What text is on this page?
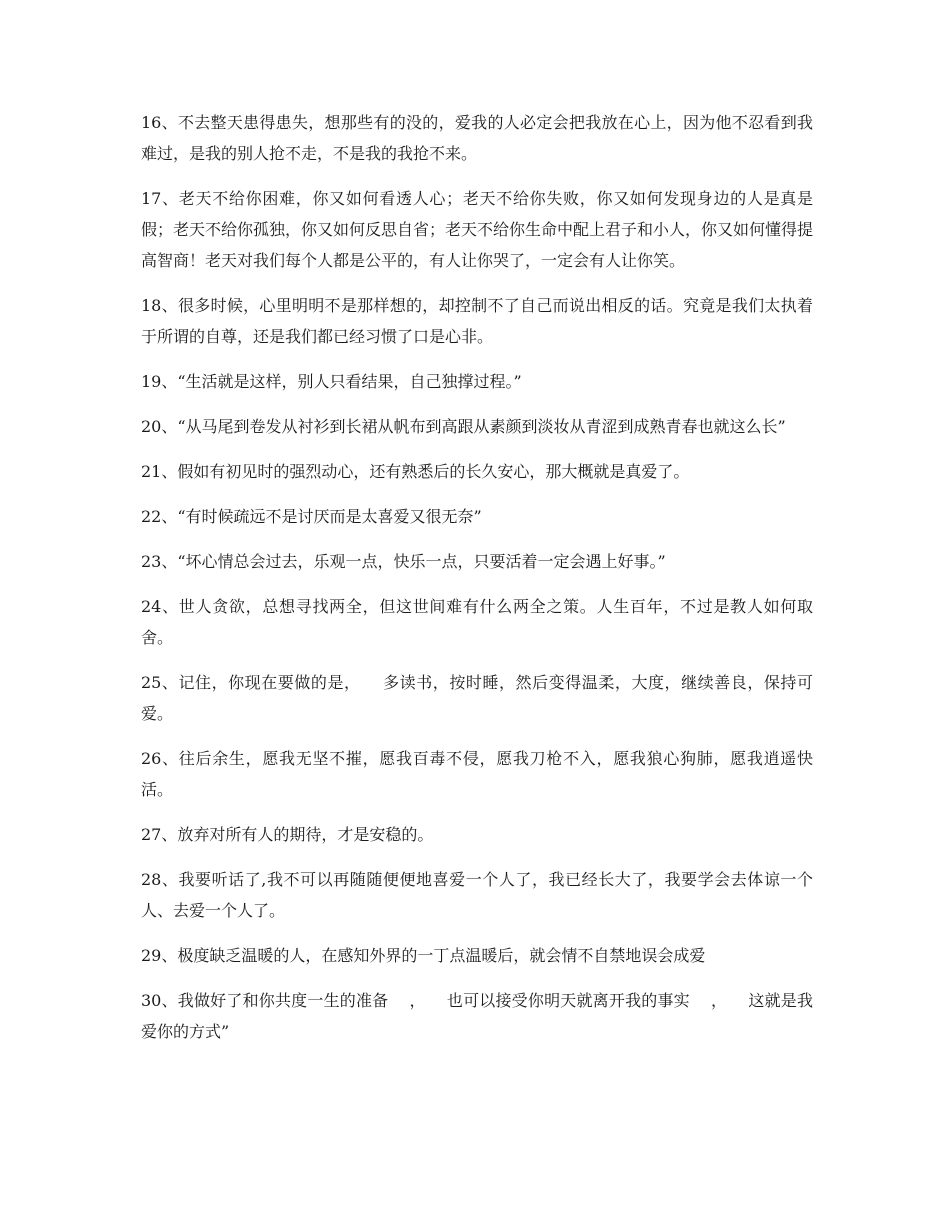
16、不去整天患得患失，想那些有的没的，爱我的人必定会把我放在心上，因为他不忍看到我难过，是我的别人抢不走，不是我的我抢不来。

17、老天不给你困难，你又如何看透人心；老天不给你失败，你又如何发现身边的人是真是假；老天不给你孤独，你又如何反思自省；老天不给你生命中配上君子和小人，你又如何懂得提高智商！老天对我们每个人都是公平的，有人让你哭了，一定会有人让你笑。

18、很多时候，心里明明不是那样想的，却控制不了自己而说出相反的话。究竟是我们太执着于所谓的自尊，还是我们都已经习惯了口是心非。

19、“生活就是这样，别人只看结果，自己独撑过程。”

20、“从马尾到卷发从衬衫到长裙从帆布到高跟从素颜到淡妆从青涩到成熟青春也就这么长”

21、假如有初见时的强烈动心，还有熟悉后的长久安心，那大概就是真爱了。

22、“有时候疏远不是讨厌而是太喜爱又很无奈”

23、“坏心情总会过去，乐观一点，快乐一点，只要活着一定会遇上好事。”

24、世人贪欲，总想寻找两全，但这世间难有什么两全之策。人生百年，不过是教人如何取舍。

25、记住，你现在要做的是，    多读书，按时睡，然后变得温柔，大度，继续善良，保持可爱。

26、往后余生，愿我无坚不摧，愿我百毒不侵，愿我刀枪不入，愿我狼心狗肺，愿我逍遥快活。

27、放弃对所有人的期待，才是安稳的。

28、我要听话了,我不可以再随随便便地喜爱一个人了，我已经长大了，我要学会去体谅一个人、去爱一个人了。

29、极度缺乏温暖的人，在感知外界的一丁点温暖后，就会情不自禁地误会成爱

30、我做好了和你共度一生的准备    ，    也可以接受你明天就离开我的事实    ，    这就是我爱你的方式”
